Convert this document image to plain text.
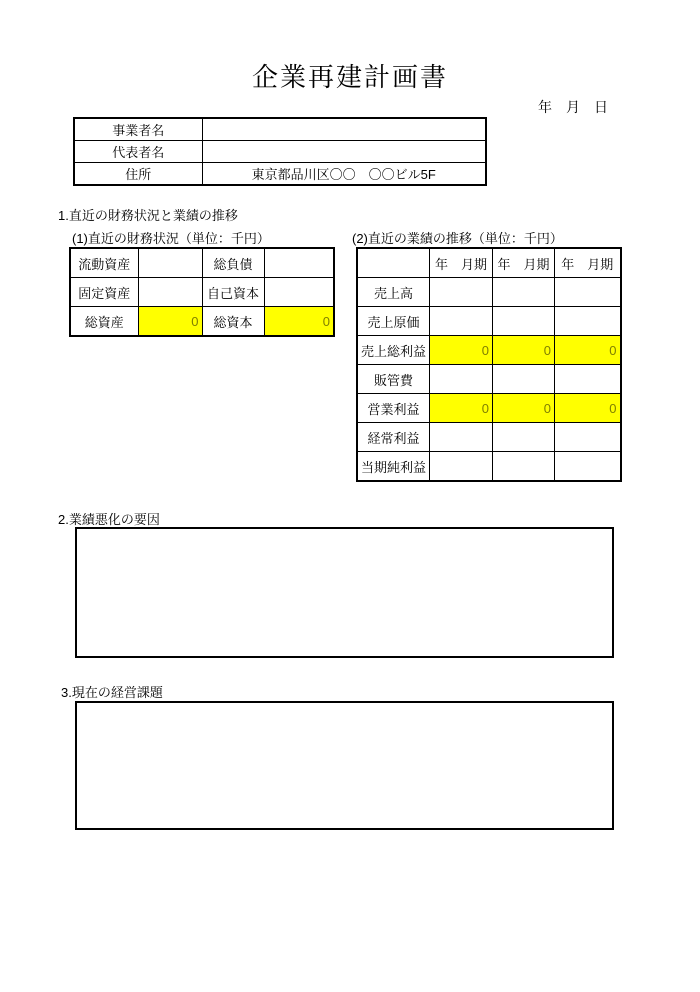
企業再建計画書
年　月　日
事業者名	
代表者名	
住所	東京都品川区〇〇　〇〇ビル5F
1.直近の財務状況と業績の推移
(1)直近の財務状況（単位：千円）
流動資産		総負債	
固定資産		自己資本	
総資産	0	総資本	0
(2)直近の業績の推移（単位：千円）
	年　月期	年　月期	年　月期
売上高			
売上原価			
売上総利益	0	0	0
販管費			
営業利益	0	0	0
経常利益			
当期純利益			
2.業績悪化の要因
3.現在の経営課題
